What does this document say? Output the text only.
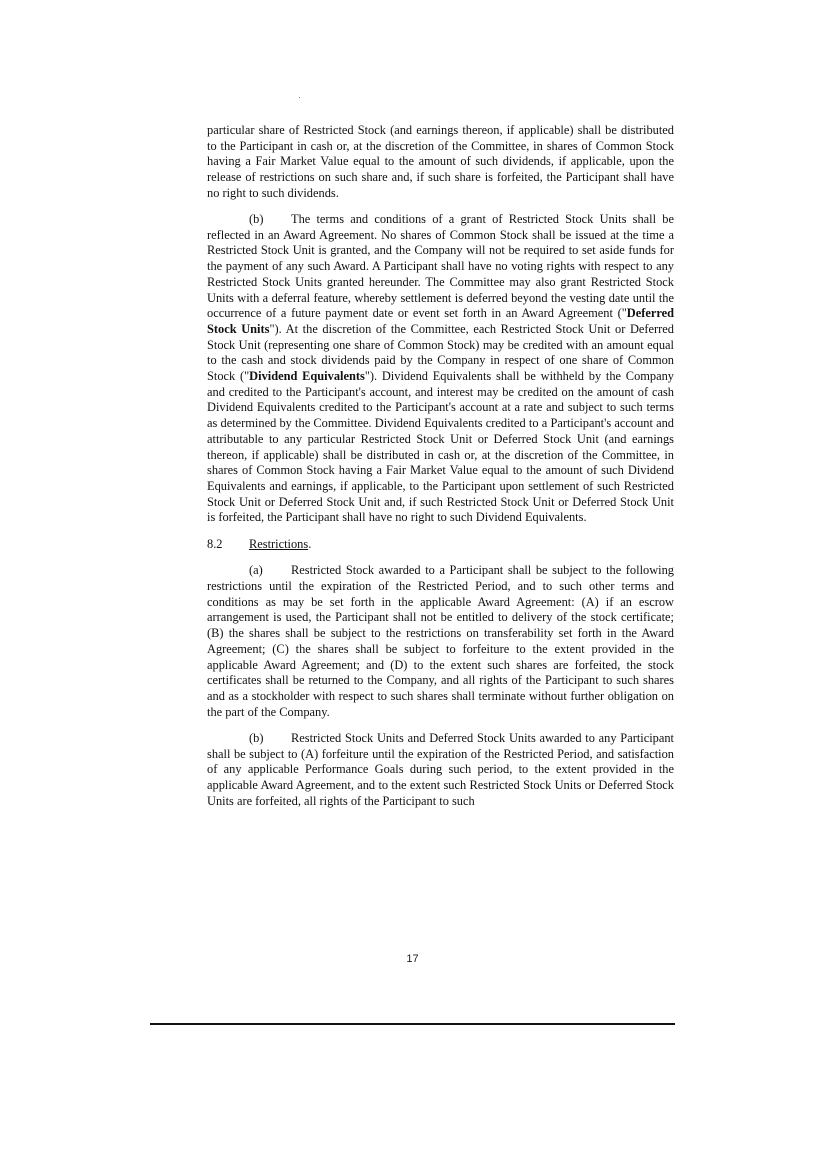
particular share of Restricted Stock (and earnings thereon, if applicable) shall be distributed to the Participant in cash or, at the discretion of the Committee, in shares of Common Stock having a Fair Market Value equal to the amount of such dividends, if applicable, upon the release of restrictions on such share and, if such share is forfeited, the Participant shall have no right to such dividends.

(b) The terms and conditions of a grant of Restricted Stock Units shall be reflected in an Award Agreement. No shares of Common Stock shall be issued at the time a Restricted Stock Unit is granted, and the Company will not be required to set aside funds for the payment of any such Award. A Participant shall have no voting rights with respect to any Restricted Stock Units granted hereunder. The Committee may also grant Restricted Stock Units with a deferral feature, whereby settlement is deferred beyond the vesting date until the occurrence of a future payment date or event set forth in an Award Agreement ("Deferred Stock Units"). At the discretion of the Committee, each Restricted Stock Unit or Deferred Stock Unit (representing one share of Common Stock) may be credited with an amount equal to the cash and stock dividends paid by the Company in respect of one share of Common Stock ("Dividend Equivalents"). Dividend Equivalents shall be withheld by the Company and credited to the Participant's account, and interest may be credited on the amount of cash Dividend Equivalents credited to the Participant's account at a rate and subject to such terms as determined by the Committee. Dividend Equivalents credited to a Participant's account and attributable to any particular Restricted Stock Unit or Deferred Stock Unit (and earnings thereon, if applicable) shall be distributed in cash or, at the discretion of the Committee, in shares of Common Stock having a Fair Market Value equal to the amount of such Dividend Equivalents and earnings, if applicable, to the Participant upon settlement of such Restricted Stock Unit or Deferred Stock Unit and, if such Restricted Stock Unit or Deferred Stock Unit is forfeited, the Participant shall have no right to such Dividend Equivalents.

8.2 Restrictions.

(a) Restricted Stock awarded to a Participant shall be subject to the following restrictions until the expiration of the Restricted Period, and to such other terms and conditions as may be set forth in the applicable Award Agreement: (A) if an escrow arrangement is used, the Participant shall not be entitled to delivery of the stock certificate; (B) the shares shall be subject to the restrictions on transferability set forth in the Award Agreement; (C) the shares shall be subject to forfeiture to the extent provided in the applicable Award Agreement; and (D) to the extent such shares are forfeited, the stock certificates shall be returned to the Company, and all rights of the Participant to such shares and as a stockholder with respect to such shares shall terminate without further obligation on the part of the Company.

(b) Restricted Stock Units and Deferred Stock Units awarded to any Participant shall be subject to (A) forfeiture until the expiration of the Restricted Period, and satisfaction of any applicable Performance Goals during such period, to the extent provided in the applicable Award Agreement, and to the extent such Restricted Stock Units or Deferred Stock Units are forfeited, all rights of the Participant to such

17
